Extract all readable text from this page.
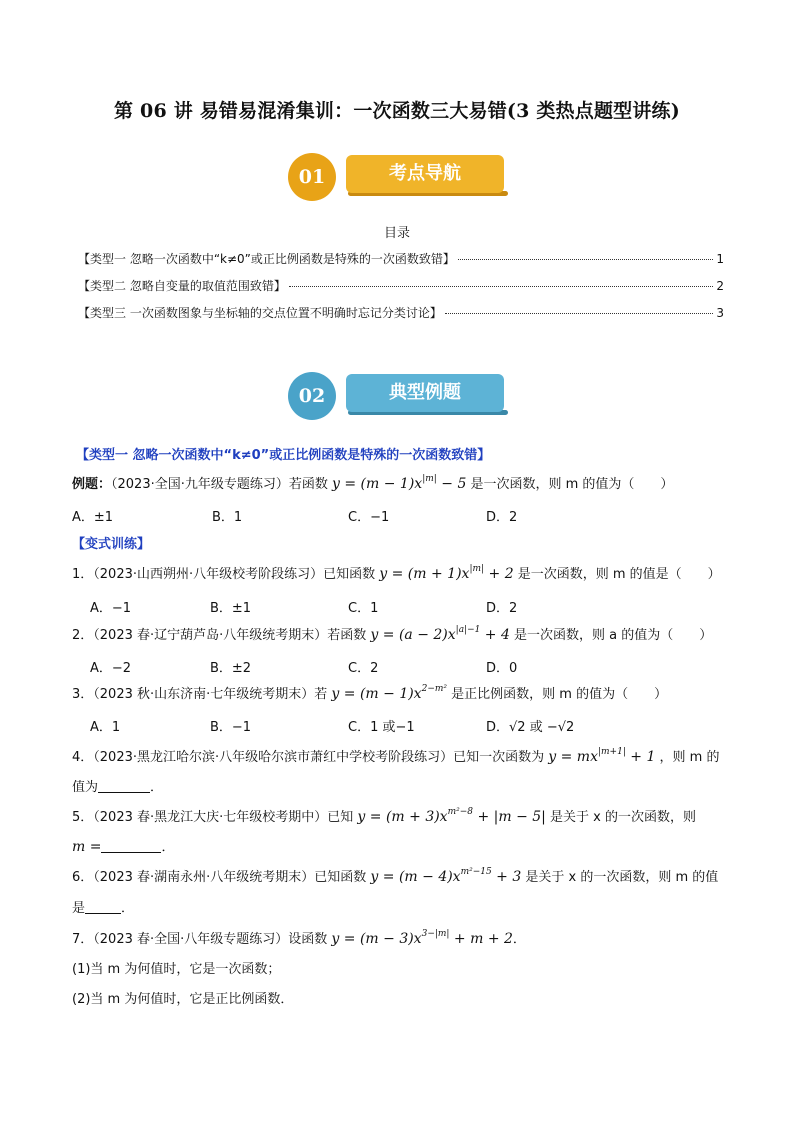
第 06 讲 易错易混淆集训：一次函数三大易错(3 类热点题型讲练)
01	考点导航
目录
【类型一 忽略一次函数中“k≠0”或正比例函数是特殊的一次函数致错】	1
【类型二 忽略自变量的取值范围致错】	2
【类型三 一次函数图象与坐标轴的交点位置不明确时忘记分类讨论】	3
02	典型例题
【类型一 忽略一次函数中“k≠0”或正比例函数是特殊的一次函数致错】
例题：（2023·全国·九年级专题练习）若函数 $y = (m - 1)x^{|m|} - 5$ 是一次函数，则 m 的值为（　　）
A．±1	B．1	C．−1	D．2
【变式训练】
1．（2023·山西朔州·八年级校考阶段练习）已知函数 $y = (m + 1)x^{|m|} + 2$ 是一次函数，则 m 的值是（　　）
A．−1	B．±1	C．1	D．2
2．（2023 春·辽宁葫芦岛·八年级统考期末）若函数 $y = (a - 2)x^{|a|-1} + 4$ 是一次函数，则 a 的值为（　　）
A．−2	B．±2	C．2	D．0
3．（2023 秋·山东济南·七年级统考期末）若 $y = (m - 1)x^{2-m^2}$ 是正比例函数，则 m 的值为（　　）
A．1	B．−1	C．1 或−1	D．√2 或 −√2
4．（2023·黑龙江哈尔滨·八年级哈尔滨市萧红中学校考阶段练习）已知一次函数为 $y = mx^{|m+1|} + 1$ ，则 m 的
值为	．
5．（2023 春·黑龙江大庆·七年级校考期中）已知 $y = (m + 3)x^{m^2-8} + |m - 5|$ 是关于 x 的一次函数，则
m =	．
6．（2023 春·湖南永州·八年级统考期末）已知函数 $y = (m - 4)x^{m^2-15} + 3$ 是关于 x 的一次函数，则 m 的值
是	．
7．（2023 春·全国·八年级专题练习）设函数 $y = (m - 3)x^{3-|m|} + m + 2$．
(1)当 m 为何值时，它是一次函数；
(2)当 m 为何值时，它是正比例函数．
